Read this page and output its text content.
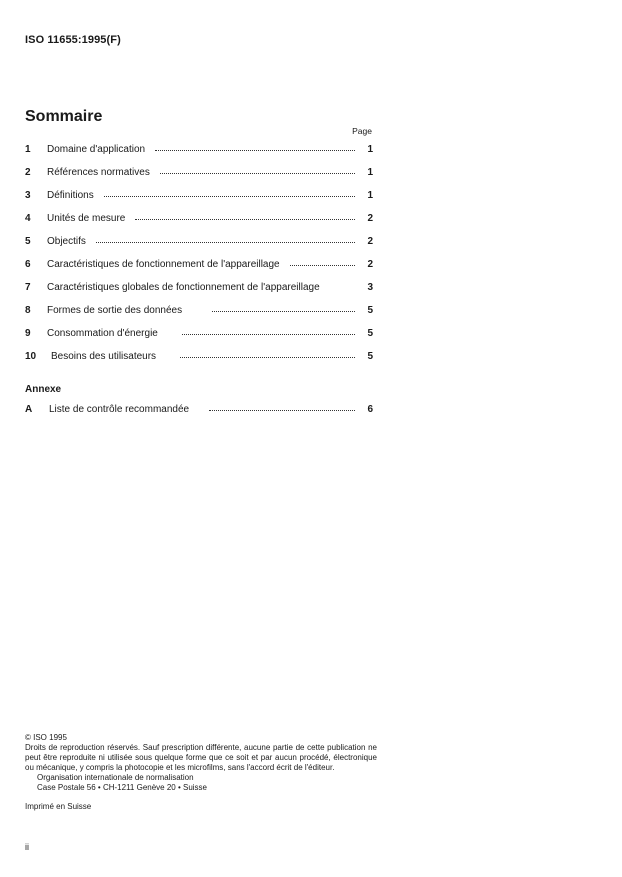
ISO 11655:1995(F)
Sommaire
Page
1	Domaine d'application	1
2	Références normatives	1
3	Définitions	1
4	Unités de mesure	2
5	Objectifs	2
6	Caractéristiques de fonctionnement de l'appareillage	2
7	Caractéristiques globales de fonctionnement de l'appareillage	3
8	Formes de sortie des données	5
9	Consommation d'énergie	5
10	Besoins des utilisateurs	5
Annexe
A	Liste de contrôle recommandée	6
© ISO 1995
Droits de reproduction réservés. Sauf prescription différente, aucune partie de cette publication ne peut être reproduite ni utilisée sous quelque forme que ce soit et par aucun procédé, électronique ou mécanique, y compris la photocopie et les microfilms, sans l'accord écrit de l'éditeur.
Organisation internationale de normalisation
Case Postale 56 • CH-1211 Genève 20 • Suisse
Imprimé en Suisse
ii
